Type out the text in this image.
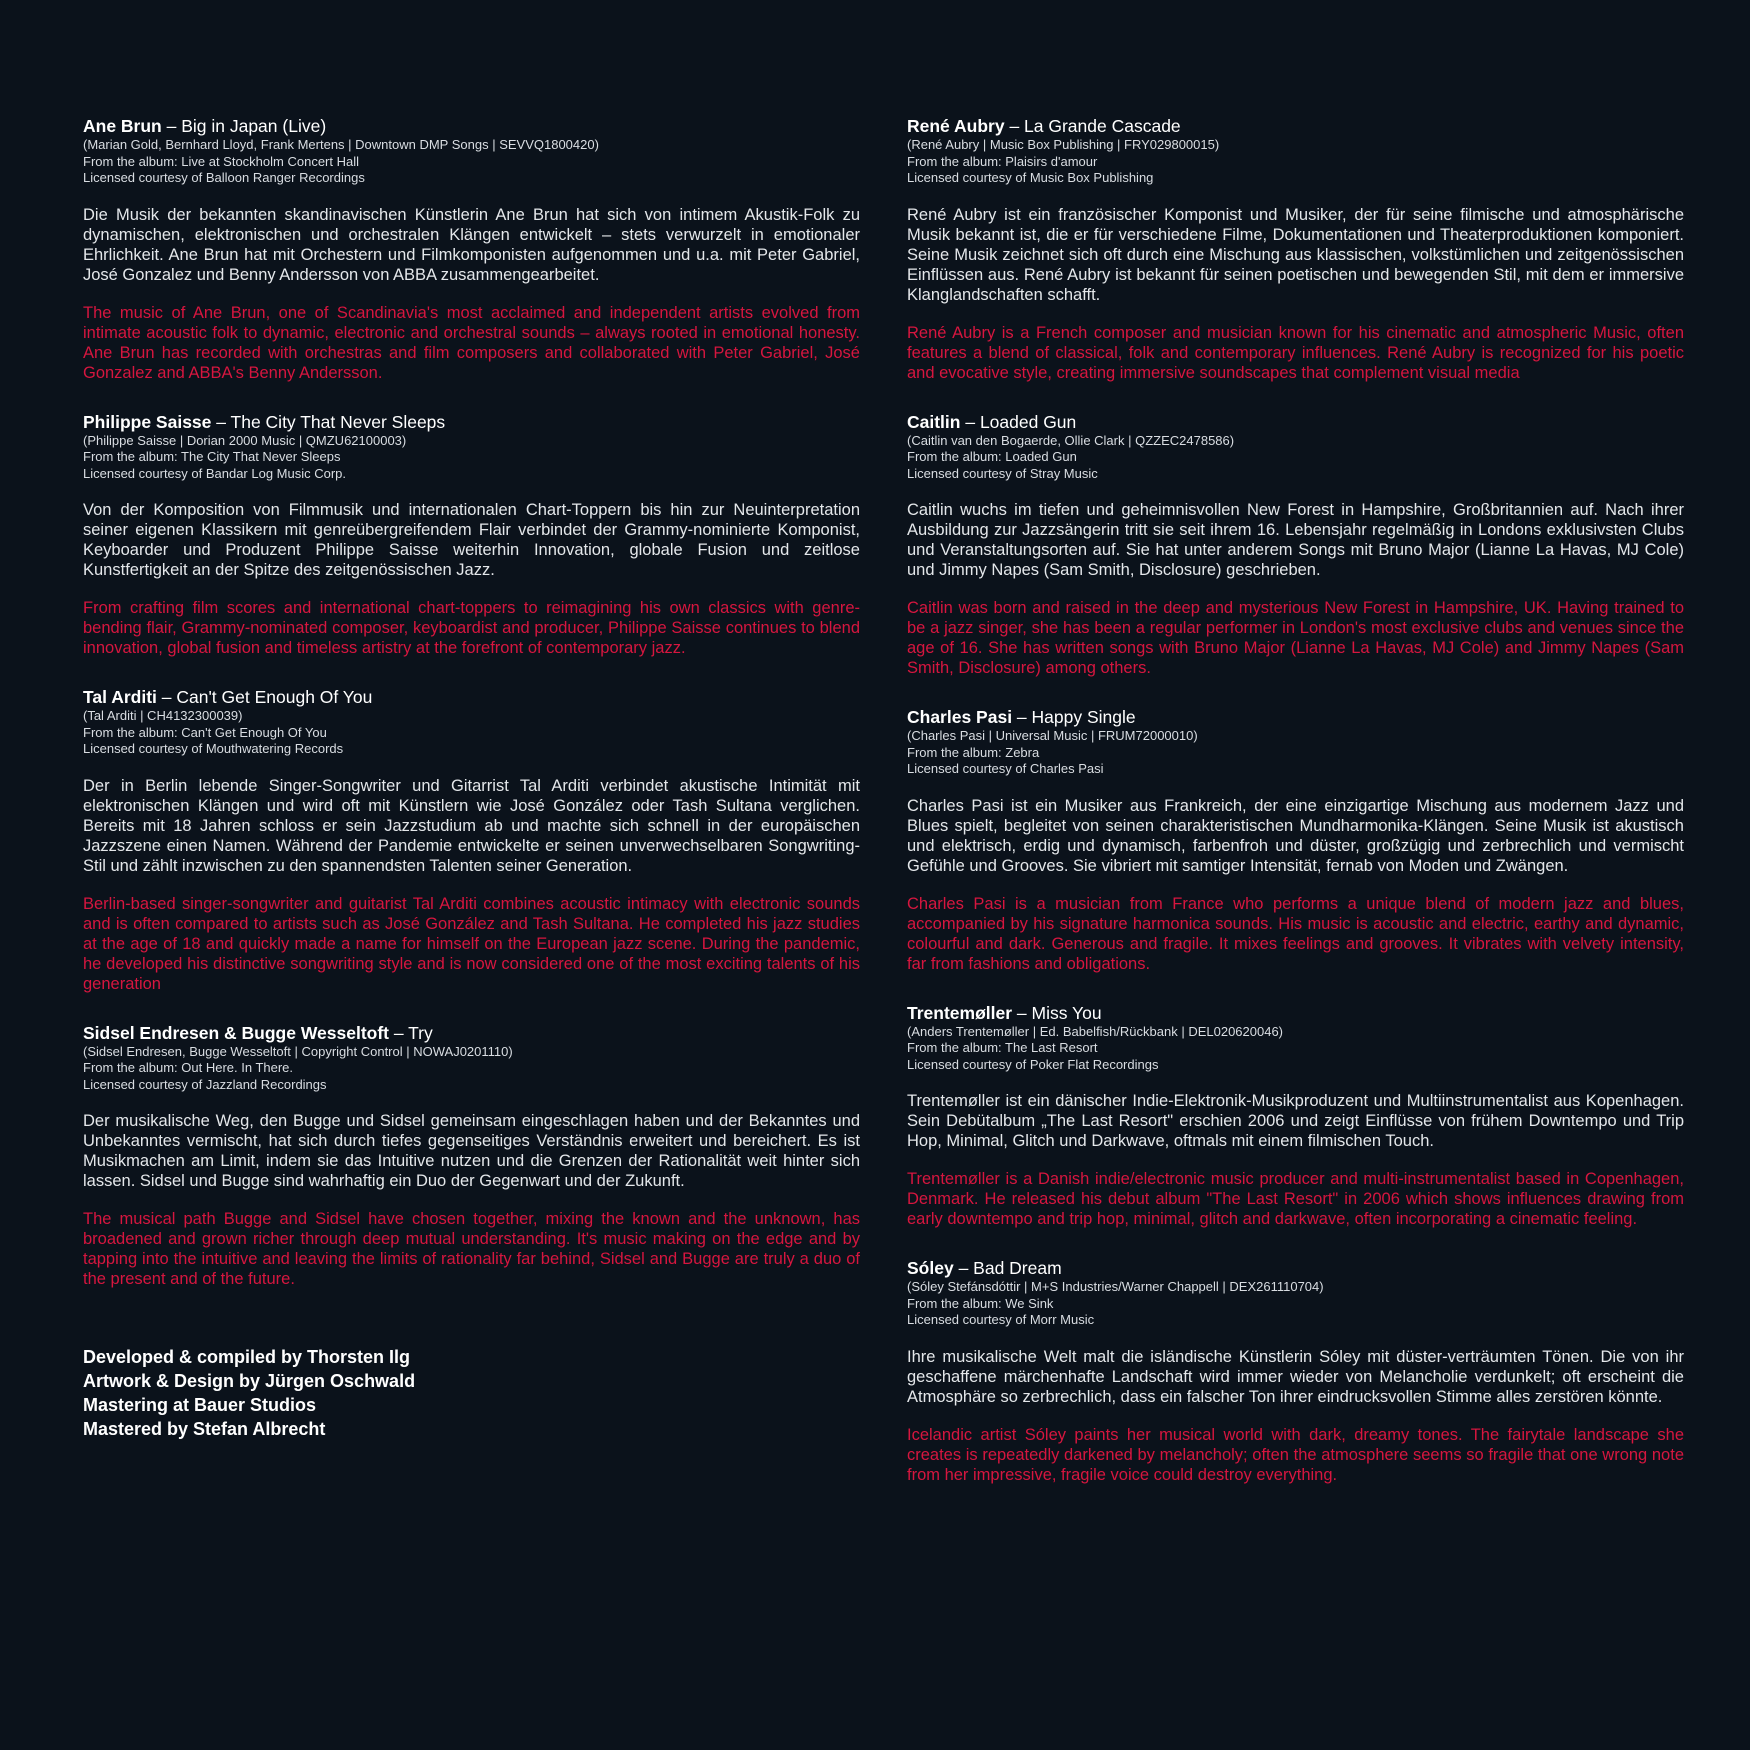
Ane Brun – Big in Japan (Live)
(Marian Gold, Bernhard Lloyd, Frank Mertens | Downtown DMP Songs | SEVVQ1800420)
From the album: Live at Stockholm Concert Hall
Licensed courtesy of Balloon Ranger Recordings

Die Musik der bekannten skandinavischen Künstlerin Ane Brun hat sich von intimem Akustik-Folk zu dynamischen, elektronischen und orchestralen Klängen entwickelt – stets verwurzelt in emotionaler Ehrlichkeit. Ane Brun hat mit Orchestern und Filmkomponisten aufgenommen und u.a. mit Peter Gabriel, José Gonzalez und Benny Andersson von ABBA zusammengearbeitet.

The music of Ane Brun, one of Scandinavia's most acclaimed and independent artists evolved from intimate acoustic folk to dynamic, electronic and orchestral sounds – always rooted in emotional honesty. Ane Brun has recorded with orchestras and film composers and collaborated with Peter Gabriel, José Gonzalez and ABBA's Benny Andersson.

Philippe Saisse – The City That Never Sleeps
(Philippe Saisse | Dorian 2000 Music | QMZU62100003)
From the album: The City That Never Sleeps
Licensed courtesy of Bandar Log Music Corp.

Von der Komposition von Filmmusik und internationalen Chart-Toppern bis hin zur Neuinterpretation seiner eigenen Klassikern mit genreübergreifendem Flair verbindet der Grammy-nominierte Komponist, Keyboarder und Produzent Philippe Saisse weiterhin Innovation, globale Fusion und zeitlose Kunstfertigkeit an der Spitze des zeitgenössischen Jazz.

From crafting film scores and international chart-toppers to reimagining his own classics with genre-bending flair, Grammy-nominated composer, keyboardist and producer, Philippe Saisse continues to blend innovation, global fusion and timeless artistry at the forefront of contemporary jazz.

Tal Arditi – Can't Get Enough Of You
(Tal Arditi | CH4132300039)
From the album: Can't Get Enough Of You
Licensed courtesy of Mouthwatering Records

Der in Berlin lebende Singer-Songwriter und Gitarrist Tal Arditi verbindet akustische Intimität mit elektronischen Klängen und wird oft mit Künstlern wie José González oder Tash Sultana verglichen. Bereits mit 18 Jahren schloss er sein Jazzstudium ab und machte sich schnell in der europäischen Jazzszene einen Namen. Während der Pandemie entwickelte er seinen unverwechselbaren Songwriting-Stil und zählt inzwischen zu den spannendsten Talenten seiner Generation.

Berlin-based singer-songwriter and guitarist Tal Arditi combines acoustic intimacy with electronic sounds and is often compared to artists such as José González and Tash Sultana. He completed his jazz studies at the age of 18 and quickly made a name for himself on the European jazz scene. During the pandemic, he developed his distinctive songwriting style and is now considered one of the most exciting talents of his generation

Sidsel Endresen & Bugge Wesseltoft – Try
(Sidsel Endresen, Bugge Wesseltoft | Copyright Control | NOWAJ0201110)
From the album: Out Here. In There.
Licensed courtesy of Jazzland Recordings

Der musikalische Weg, den Bugge und Sidsel gemeinsam eingeschlagen haben und der Bekanntes und Unbekanntes vermischt, hat sich durch tiefes gegenseitiges Verständnis erweitert und bereichert. Es ist Musikmachen am Limit, indem sie das Intuitive nutzen und die Grenzen der Rationalität weit hinter sich lassen. Sidsel und Bugge sind wahrhaftig ein Duo der Gegenwart und der Zukunft.

The musical path Bugge and Sidsel have chosen together, mixing the known and the unknown, has broadened and grown richer through deep mutual understanding. It's music making on the edge and by tapping into the intuitive and leaving the limits of rationality far behind, Sidsel and Bugge are truly a duo of the present and of the future.

Developed & compiled by Thorsten Ilg
Artwork & Design by Jürgen Oschwald
Mastering at Bauer Studios
Mastered by Stefan Albrecht
René Aubry – La Grande Cascade
(René Aubry | Music Box Publishing | FRY029800015)
From the album: Plaisirs d'amour
Licensed courtesy of Music Box Publishing

René Aubry ist ein französischer Komponist und Musiker, der für seine filmische und atmosphärische Musik bekannt ist, die er für verschiedene Filme, Dokumentationen und Theaterproduktionen komponiert. Seine Musik zeichnet sich oft durch eine Mischung aus klassischen, volkstümlichen und zeitgenössischen Einflüssen aus. René Aubry ist bekannt für seinen poetischen und bewegenden Stil, mit dem er immersive Klanglandschaften schafft.

René Aubry is a French composer and musician known for his cinematic and atmospheric Music, often features a blend of classical, folk and contemporary influences. René Aubry is recognized for his poetic and evocative style, creating immersive soundscapes that complement visual media

Caitlin – Loaded Gun
(Caitlin van den Bogaerde, Ollie Clark | QZZEC2478586)
From the album: Loaded Gun
Licensed courtesy of Stray Music

Caitlin wuchs im tiefen und geheimnisvollen New Forest in Hampshire, Großbritannien auf. Nach ihrer Ausbildung zur Jazzsängerin tritt sie seit ihrem 16. Lebensjahr regelmäßig in Londons exklusivsten Clubs und Veranstaltungsorten auf. Sie hat unter anderem Songs mit Bruno Major (Lianne La Havas, MJ Cole) und Jimmy Napes (Sam Smith, Disclosure) geschrieben.

Caitlin was born and raised in the deep and mysterious New Forest in Hampshire, UK. Having trained to be a jazz singer, she has been a regular performer in London's most exclusive clubs and venues since the age of 16. She has written songs with Bruno Major (Lianne La Havas, MJ Cole) and Jimmy Napes (Sam Smith, Disclosure) among others.

Charles Pasi – Happy Single
(Charles Pasi | Universal Music | FRUM72000010)
From the album: Zebra
Licensed courtesy of Charles Pasi

Charles Pasi ist ein Musiker aus Frankreich, der eine einzigartige Mischung aus modernem Jazz und Blues spielt, begleitet von seinen charakteristischen Mundharmonika-Klängen. Seine Musik ist akustisch und elektrisch, erdig und dynamisch, farbenfroh und düster, großzügig und zerbrechlich und vermischt Gefühle und Grooves. Sie vibriert mit samtiger Intensität, fernab von Moden und Zwängen.

Charles Pasi is a musician from France who performs a unique blend of modern jazz and blues, accompanied by his signature harmonica sounds. His music is acoustic and electric, earthy and dynamic, colourful and dark. Generous and fragile. It mixes feelings and grooves. It vibrates with velvety intensity, far from fashions and obligations.

Trentemøller – Miss You
(Anders Trentemøller | Ed. Babelfish/Rückbank | DEL020620046)
From the album: The Last Resort
Licensed courtesy of Poker Flat Recordings

Trentemøller ist ein dänischer Indie-Elektronik-Musikproduzent und Multiinstrumentalist aus Kopenhagen. Sein Debütalbum „The Last Resort" erschien 2006 und zeigt Einflüsse von frühem Downtempo und Trip Hop, Minimal, Glitch und Darkwave, oftmals mit einem filmischen Touch.

Trentemøller is a Danish indie/electronic music producer and multi-instrumentalist based in Copenhagen, Denmark. He released his debut album "The Last Resort" in 2006 which shows influences drawing from early downtempo and trip hop, minimal, glitch and darkwave, often incorporating a cinematic feeling.

Sóley – Bad Dream
(Sóley Stefánsdóttir | M+S Industries/Warner Chappell | DEX261110704)
From the album: We Sink
Licensed courtesy of Morr Music

Ihre musikalische Welt malt die isländische Künstlerin Sóley mit düster-verträumten Tönen. Die von ihr geschaffene märchenhafte Landschaft wird immer wieder von Melancholie verdunkelt; oft erscheint die Atmosphäre so zerbrechlich, dass ein falscher Ton ihrer eindrucksvollen Stimme alles zerstören könnte.

Icelandic artist Sóley paints her musical world with dark, dreamy tones. The fairytale landscape she creates is repeatedly darkened by melancholy; often the atmosphere seems so fragile that one wrong note from her impressive, fragile voice could destroy everything.
